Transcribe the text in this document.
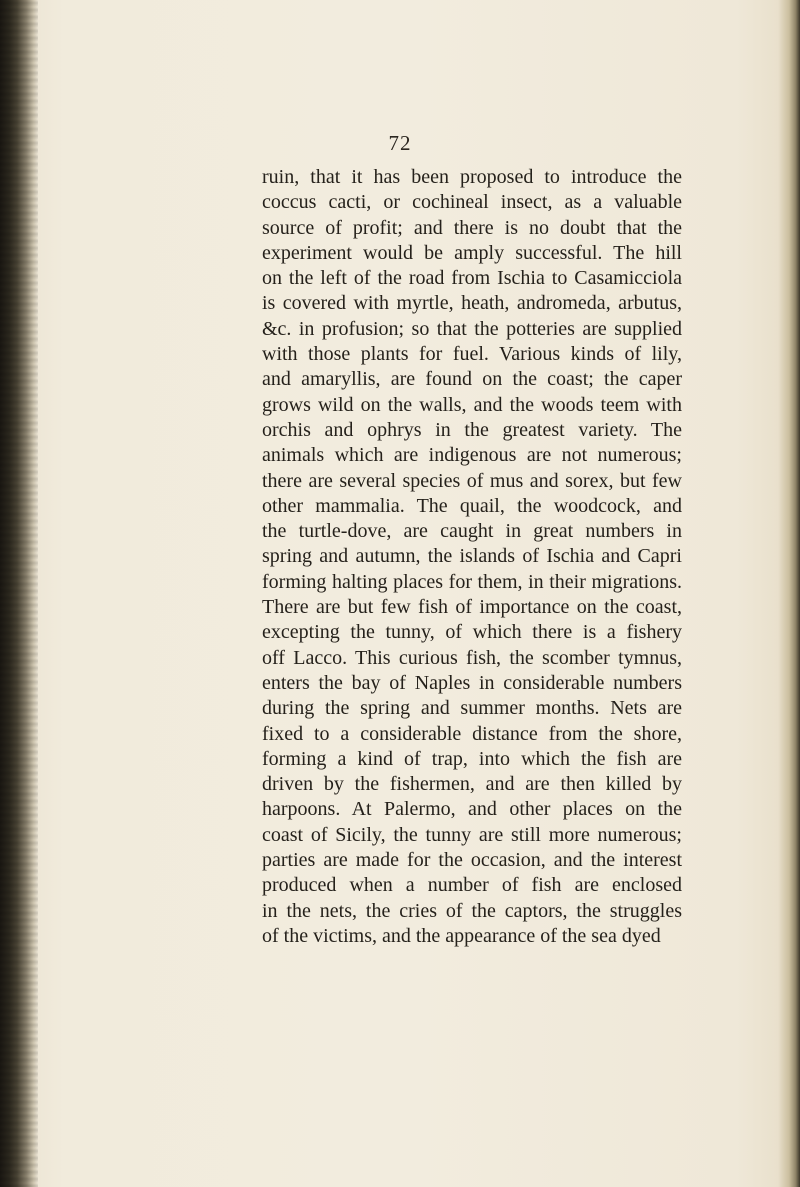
72
ruin, that it has been proposed to introduce the
coccus cacti, or cochineal insect, as a valuable
source of profit; and there is no doubt that the
experiment would be amply successful. The hill
on the left of the road from Ischia to Casamicciola
is covered with myrtle, heath, andromeda, arbutus,
&c. in profusion; so that the potteries are supplied
with those plants for fuel. Various kinds of lily,
and amaryllis, are found on the coast; the caper
grows wild on the walls, and the woods teem with
orchis and ophrys in the greatest variety. The
animals which are indigenous are not numerous;
there are several species of mus and sorex, but few
other mammalia. The quail, the woodcock, and
the turtle-dove, are caught in great numbers in
spring and autumn, the islands of Ischia and Capri
forming halting places for them, in their migrations.
There are but few fish of importance on the coast,
excepting the tunny, of which there is a fishery
off Lacco. This curious fish, the scomber tymnus,
enters the bay of Naples in considerable numbers
during the spring and summer months. Nets are
fixed to a considerable distance from the shore,
forming a kind of trap, into which the fish are
driven by the fishermen, and are then killed by
harpoons. At Palermo, and other places on the
coast of Sicily, the tunny are still more numerous;
parties are made for the occasion, and the interest
produced when a number of fish are enclosed
in the nets, the cries of the captors, the struggles
of the victims, and the appearance of the sea dyed
